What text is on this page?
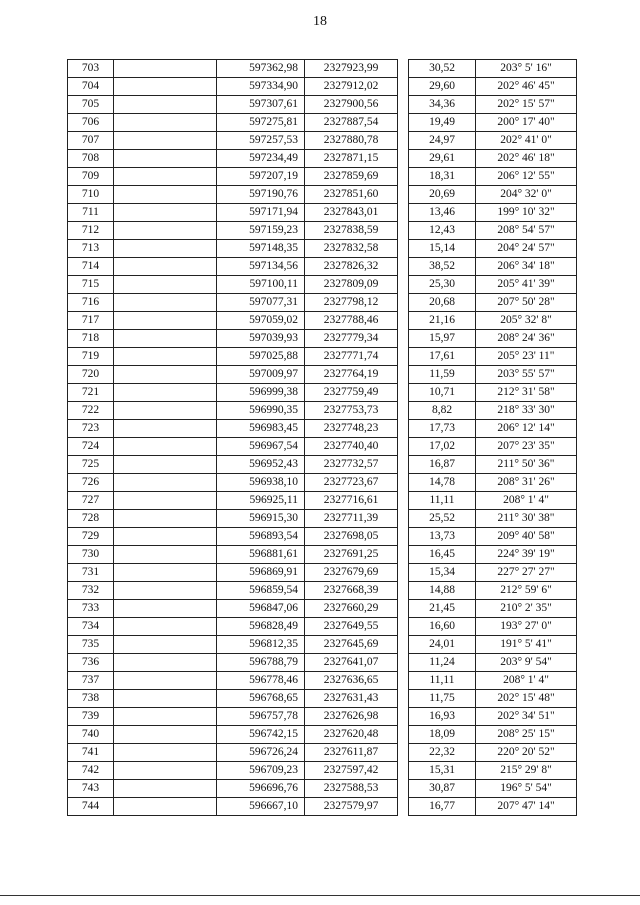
18
703		597362,98	2327923,99		30,52	203° 5' 16"
704		597334,90	2327912,02		29,60	202° 46' 45"
705		597307,61	2327900,56		34,36	202° 15' 57"
706		597275,81	2327887,54		19,49	200° 17' 40"
707		597257,53	2327880,78		24,97	202° 41' 0"
708		597234,49	2327871,15		29,61	202° 46' 18"
709		597207,19	2327859,69		18,31	206° 12' 55"
710		597190,76	2327851,60		20,69	204° 32' 0"
711		597171,94	2327843,01		13,46	199° 10' 32"
712		597159,23	2327838,59		12,43	208° 54' 57"
713		597148,35	2327832,58		15,14	204° 24' 57"
714		597134,56	2327826,32		38,52	206° 34' 18"
715		597100,11	2327809,09		25,30	205° 41' 39"
716		597077,31	2327798,12		20,68	207° 50' 28"
717		597059,02	2327788,46		21,16	205° 32' 8"
718		597039,93	2327779,34		15,97	208° 24' 36"
719		597025,88	2327771,74		17,61	205° 23' 11"
720		597009,97	2327764,19		11,59	203° 55' 57"
721		596999,38	2327759,49		10,71	212° 31' 58"
722		596990,35	2327753,73		8,82	218° 33' 30"
723		596983,45	2327748,23		17,73	206° 12' 14"
724		596967,54	2327740,40		17,02	207° 23' 35"
725		596952,43	2327732,57		16,87	211° 50' 36"
726		596938,10	2327723,67		14,78	208° 31' 26"
727		596925,11	2327716,61		11,11	208° 1' 4"
728		596915,30	2327711,39		25,52	211° 30' 38"
729		596893,54	2327698,05		13,73	209° 40' 58"
730		596881,61	2327691,25		16,45	224° 39' 19"
731		596869,91	2327679,69		15,34	227° 27' 27"
732		596859,54	2327668,39		14,88	212° 59' 6"
733		596847,06	2327660,29		21,45	210° 2' 35"
734		596828,49	2327649,55		16,60	193° 27' 0"
735		596812,35	2327645,69		24,01	191° 5' 41"
736		596788,79	2327641,07		11,24	203° 9' 54"
737		596778,46	2327636,65		11,11	208° 1' 4"
738		596768,65	2327631,43		11,75	202° 15' 48"
739		596757,78	2327626,98		16,93	202° 34' 51"
740		596742,15	2327620,48		18,09	208° 25' 15"
741		596726,24	2327611,87		22,32	220° 20' 52"
742		596709,23	2327597,42		15,31	215° 29' 8"
743		596696,76	2327588,53		30,87	196° 5' 54"
744		596667,10	2327579,97		16,77	207° 47' 14"
